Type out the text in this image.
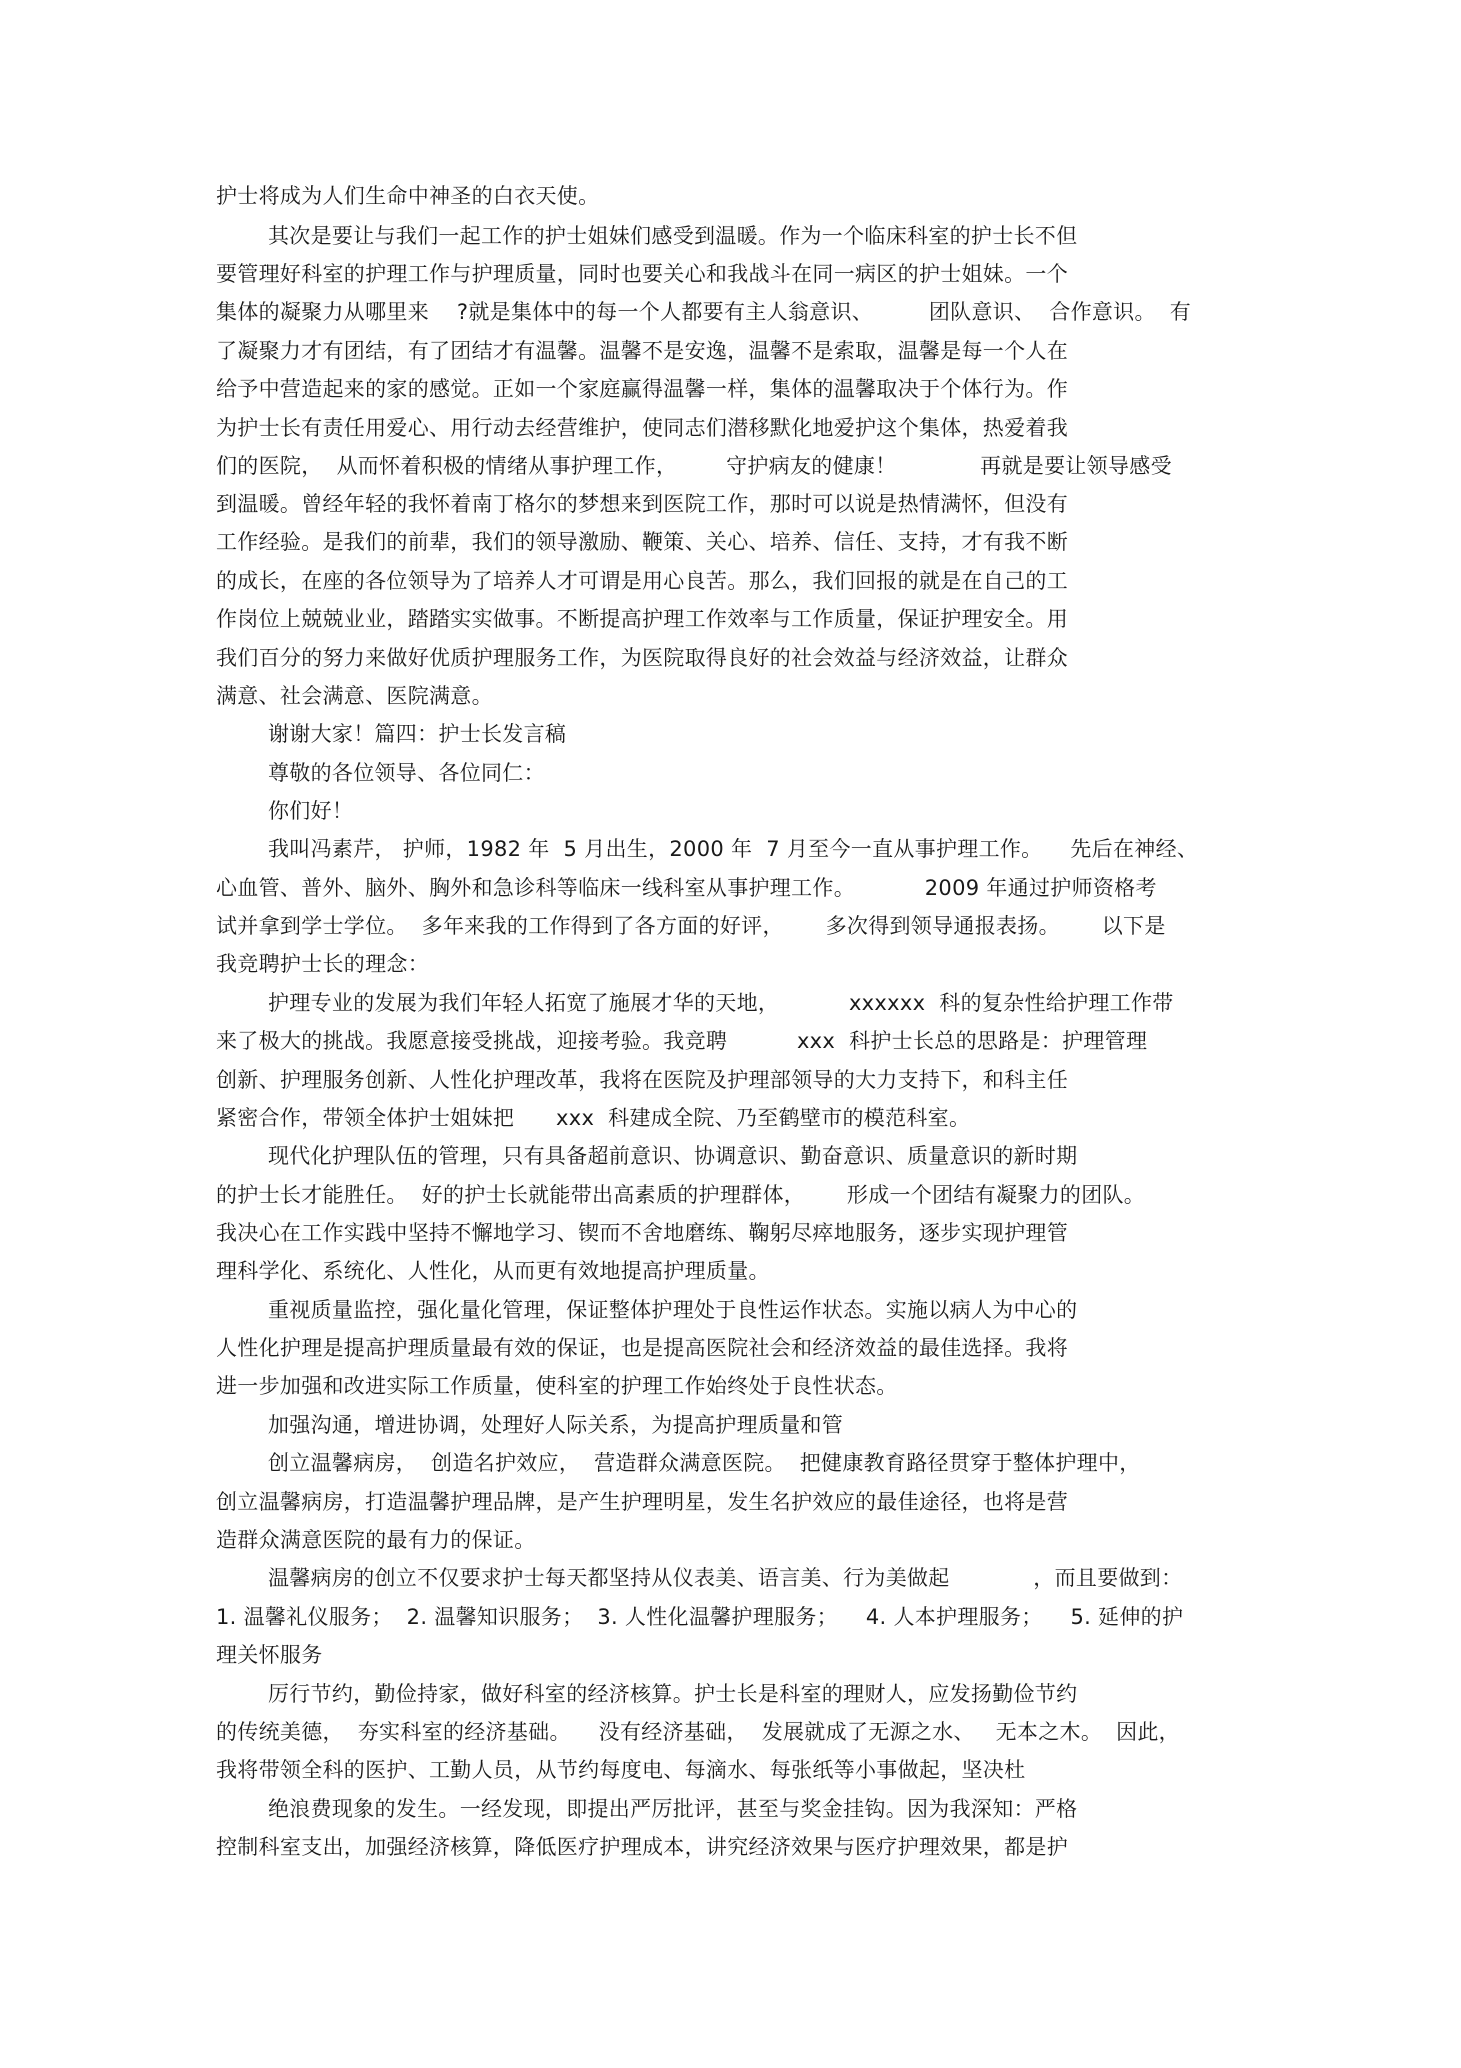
护士将成为人们生命中神圣的白衣天使。
其次是要让与我们一起工作的护士姐妹们感受到温暖。作为一个临床科室的护士长不但
要管理好科室的护理工作与护理质量，同时也要关心和我战斗在同一病区的护士姐妹。一个
集体的凝聚力从哪里来    ?就是集体中的每一个人都要有主人翁意识、        团队意识、  合作意识。  有
了凝聚力才有团结，有了团结才有温馨。温馨不是安逸，温馨不是索取，温馨是每一个人在
给予中营造起来的家的感觉。正如一个家庭赢得温馨一样，集体的温馨取决于个体行为。作
为护士长有责任用爱心、用行动去经营维护，使同志们潜移默化地爱护这个集体，热爱着我
们的医院，  从而怀着积极的情绪从事护理工作，       守护病友的健康！            再就是要让领导感受
到温暖。曾经年轻的我怀着南丁格尔的梦想来到医院工作，那时可以说是热情满怀，但没有
工作经验。是我们的前辈，我们的领导激励、鞭策、关心、培养、信任、支持，才有我不断
的成长，在座的各位领导为了培养人才可谓是用心良苦。那么，我们回报的就是在自己的工
作岗位上兢兢业业，踏踏实实做事。不断提高护理工作效率与工作质量，保证护理安全。用
我们百分的努力来做好优质护理服务工作，为医院取得良好的社会效益与经济效益，让群众
满意、社会满意、医院满意。
谢谢大家！篇四：护士长发言稿
尊敬的各位领导、各位同仁：
你们好！
我叫冯素芹， 护师，1982 年  5 月出生，2000 年  7 月至今一直从事护理工作。    先后在神经、
心血管、普外、脑外、胸外和急诊科等临床一线科室从事护理工作。          2009 年通过护师资格考
试并拿到学士学位。  多年来我的工作得到了各方面的好评，      多次得到领导通报表扬。      以下是
我竞聘护士长的理念：
护理专业的发展为我们年轻人拓宽了施展才华的天地，          xxxxxx  科的复杂性给护理工作带
来了极大的挑战。我愿意接受挑战，迎接考验。我竞聘          xxx  科护士长总的思路是：护理管理
创新、护理服务创新、人性化护理改革，我将在医院及护理部领导的大力支持下，和科主任
紧密合作，带领全体护士姐妹把      xxx  科建成全院、乃至鹤壁市的模范科室。
现代化护理队伍的管理，只有具备超前意识、协调意识、勤奋意识、质量意识的新时期
的护士长才能胜任。  好的护士长就能带出高素质的护理群体，      形成一个团结有凝聚力的团队。
我决心在工作实践中坚持不懈地学习、锲而不舍地磨练、鞠躬尽瘁地服务，逐步实现护理管
理科学化、系统化、人性化，从而更有效地提高护理质量。
重视质量监控，强化量化管理，保证整体护理处于良性运作状态。实施以病人为中心的
人性化护理是提高护理质量最有效的保证，也是提高医院社会和经济效益的最佳选择。我将
进一步加强和改进实际工作质量，使科室的护理工作始终处于良性状态。
加强沟通，增进协调，处理好人际关系，为提高护理质量和管
创立温馨病房，  创造名护效应，  营造群众满意医院。  把健康教育路径贯穿于整体护理中，
创立温馨病房，打造温馨护理品牌，是产生护理明星，发生名护效应的最佳途径，也将是营
造群众满意医院的最有力的保证。
温馨病房的创立不仅要求护士每天都坚持从仪表美、语言美、行为美做起            ，而且要做到：
1. 温馨礼仪服务；  2. 温馨知识服务；  3. 人性化温馨护理服务；    4. 人本护理服务；    5. 延伸的护
理关怀服务
厉行节约，勤俭持家，做好科室的经济核算。护士长是科室的理财人，应发扬勤俭节约
的传统美德，  夯实科室的经济基础。    没有经济基础，  发展就成了无源之水、   无本之木。  因此，
我将带领全科的医护、工勤人员，从节约每度电、每滴水、每张纸等小事做起，坚决杜
绝浪费现象的发生。一经发现，即提出严厉批评，甚至与奖金挂钩。因为我深知：严格
控制科室支出，加强经济核算，降低医疗护理成本，讲究经济效果与医疗护理效果，都是护
